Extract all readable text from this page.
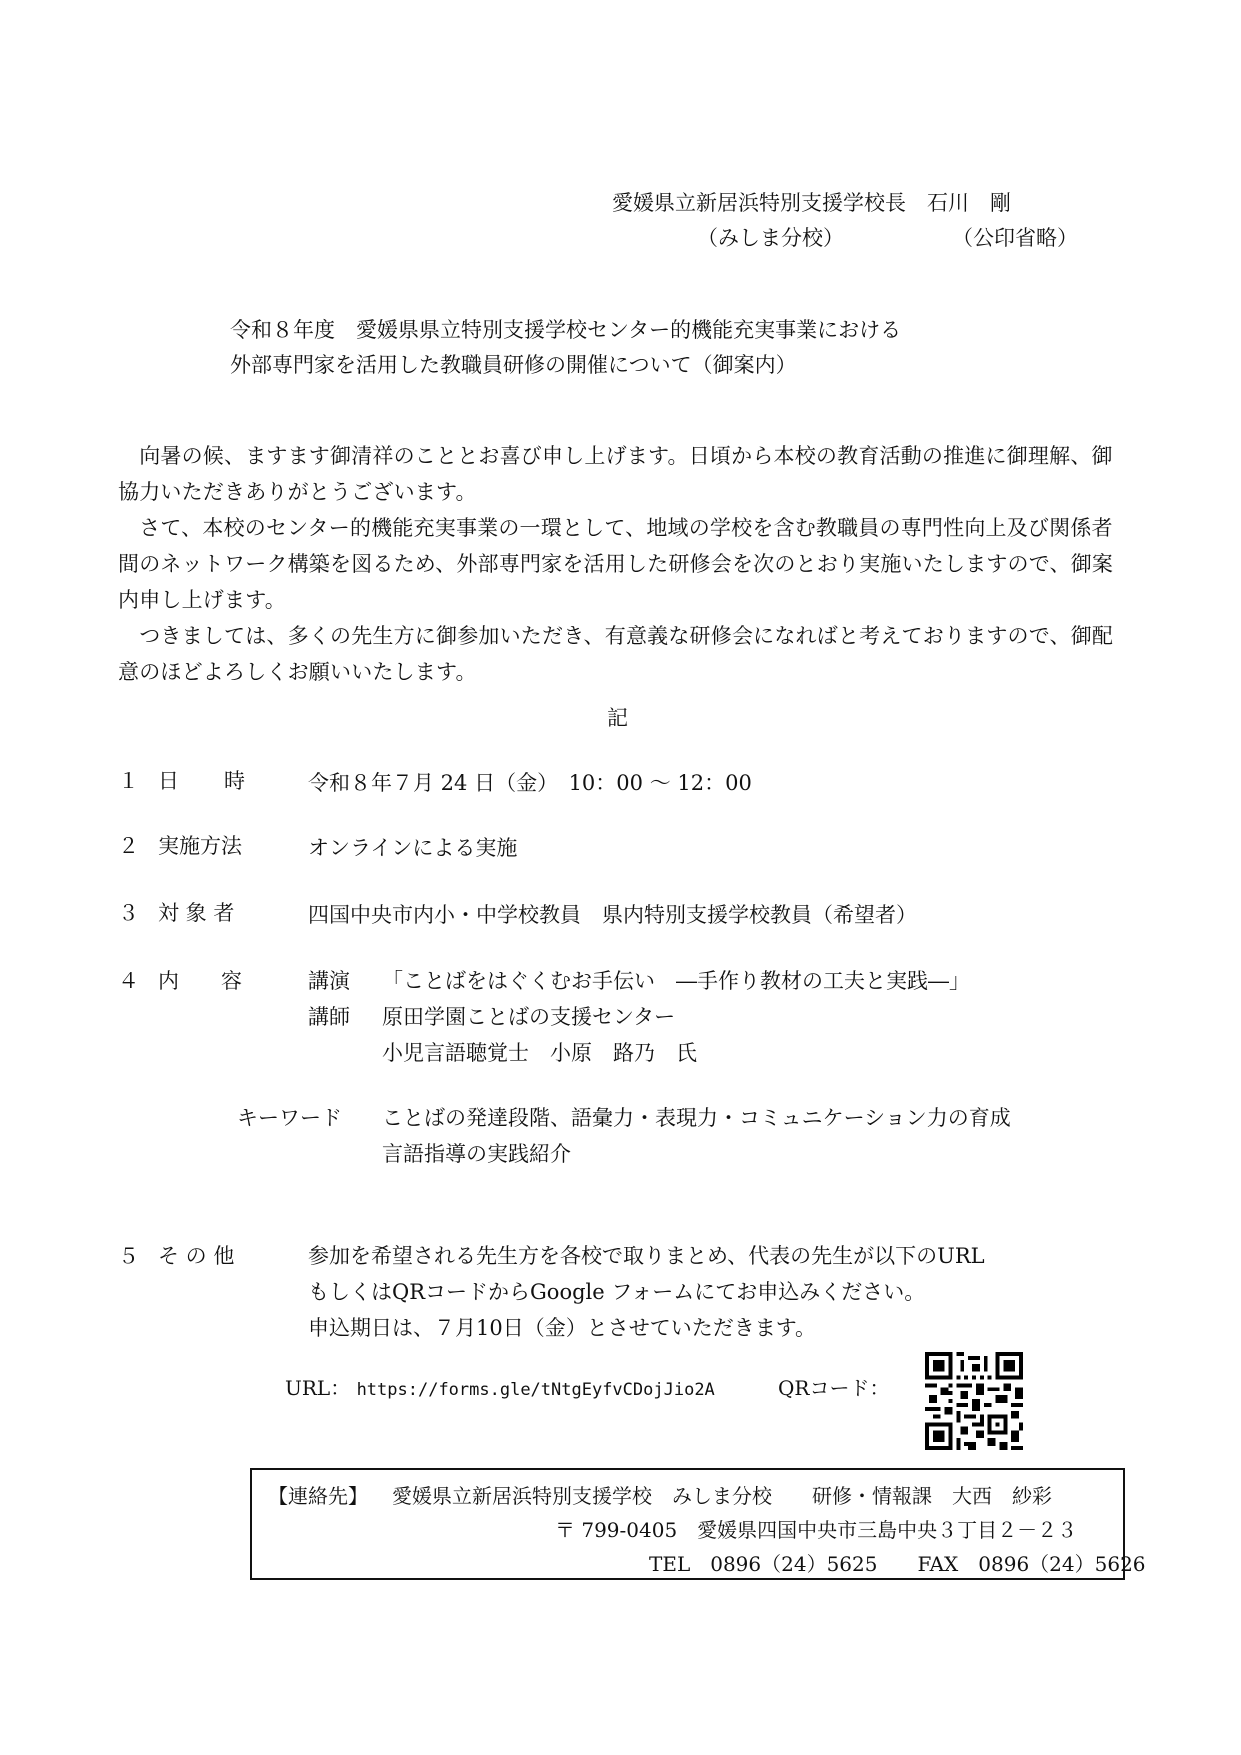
愛媛県立新居浜特別支援学校長　石川　剛
（みしま分校）	（公印省略）
令和８年度　愛媛県県立特別支援学校センター的機能充実事業における
外部専門家を活用した教職員研修の開催について（御案内）
　向暑の候、ますます御清祥のこととお喜び申し上げます。日頃から本校の教育活動の推進に御理解、御協力いただきありがとうございます。
　さて、本校のセンター的機能充実事業の一環として、地域の学校を含む教職員の専門性向上及び関係者間のネットワーク構築を図るため、外部専門家を活用した研修会を次のとおり実施いたしますので、御案内申し上げます。
　つきましては、多くの先生方に御参加いただき、有意義な研修会になればと考えておりますので、御配意のほどよろしくお願いいたします。
記
１ 日　　時	令和８年７月 24 日（金）　10：00 ～ 12：00
２ 実施方法	オンラインによる実施
３ 対 象 者	四国中央市内小・中学校教員　県内特別支援学校教員（希望者）
４ 内　　容	講演 「ことばをはぐくむお手伝い　―手作り教材の工夫と実践―」
講師 原田学園ことばの支援センター
小児言語聴覚士　小原　路乃　氏
キーワード ことばの発達段階、語彙力・表現力・コミュニケーション力の育成
言語指導の実践紹介
５ そ の 他	参加を希望される先生方を各校で取りまとめ、代表の先生が以下のURL
もしくはQRコードからGoogle フォームにてお申込みください。
申込期日は、７月10日（金）とさせていただきます。
URL： https://forms.gle/tNtgEyfvCDojJio2A	QRコード：
【連絡先】 愛媛県立新居浜特別支援学校　みしま分校　　研修・情報課　大西　紗彩
〒 799-0405　愛媛県四国中央市三島中央３丁目２－２３
TEL　0896（24）5625　　FAX　0896（24）5626
